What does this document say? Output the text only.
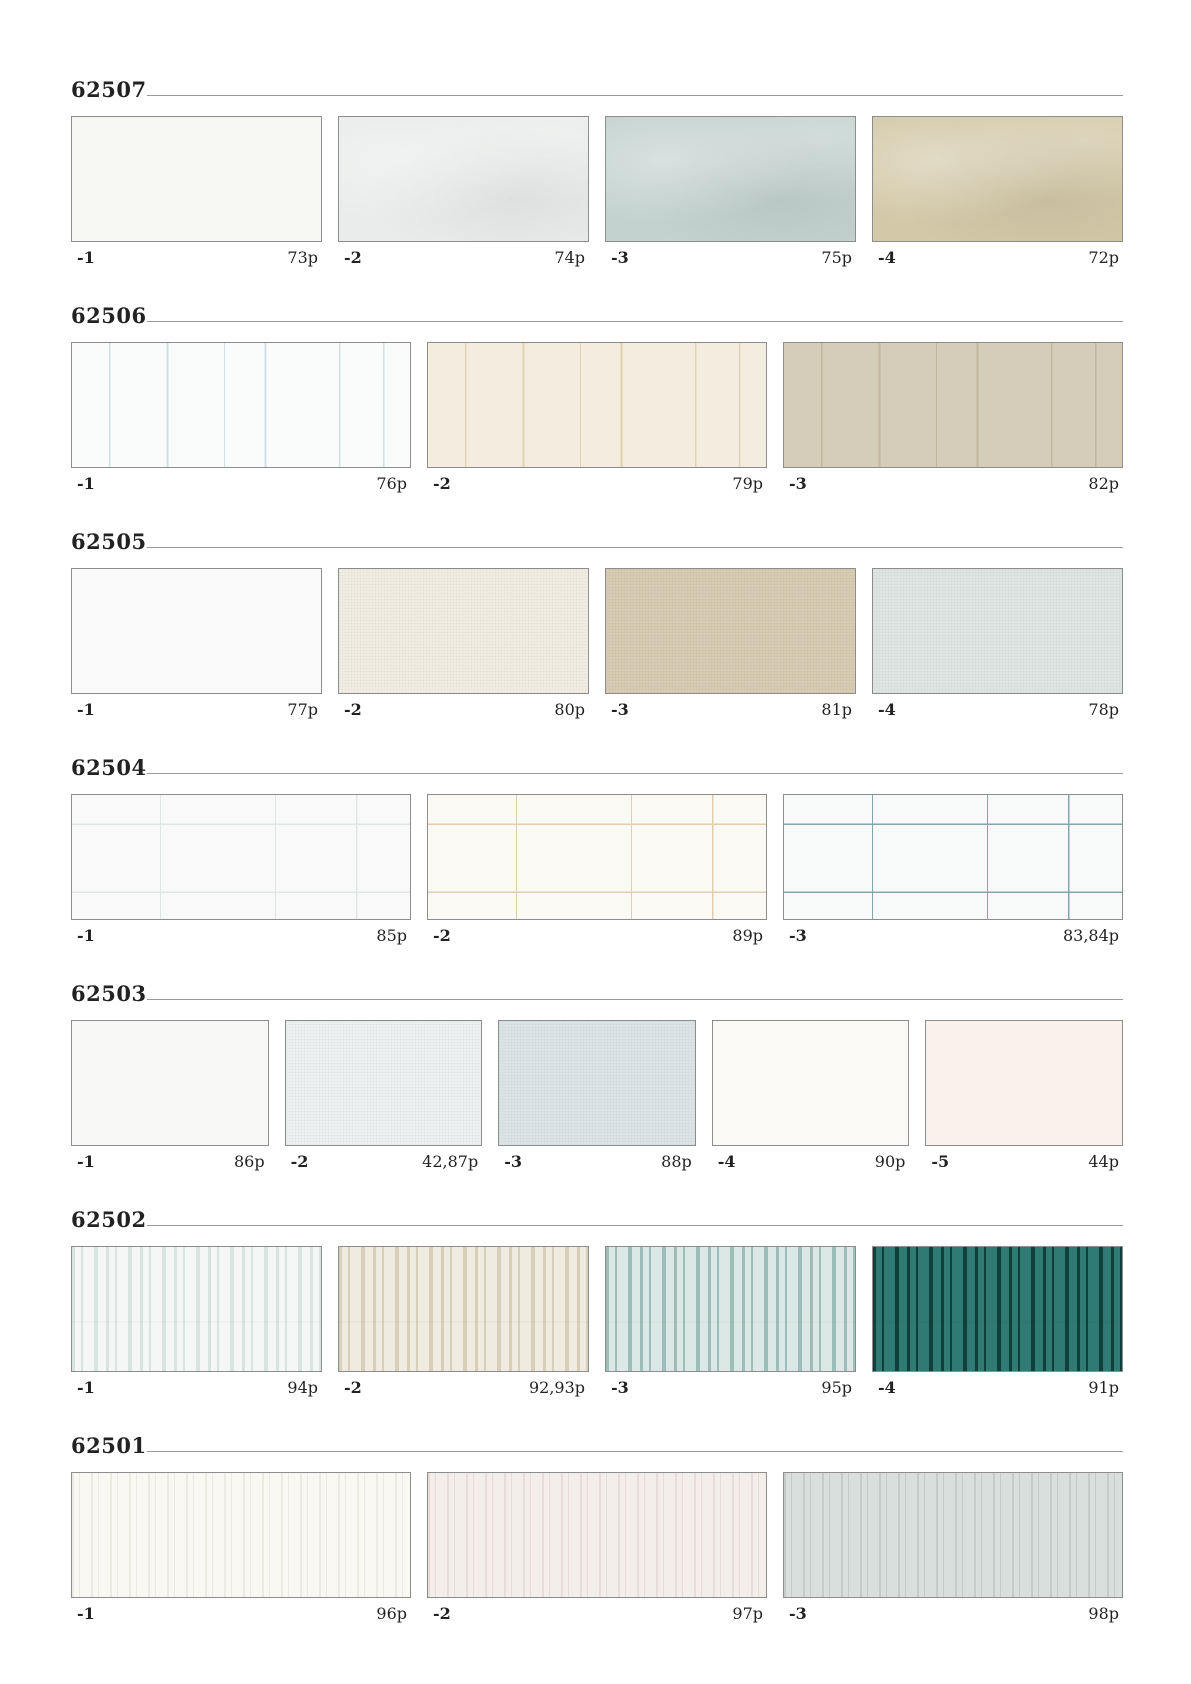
62507
-1	73p -2	74p -3	75p -4	72p
62506
-1	76p -2	79p -3	82p
62505
-1	77p -2	80p -3	81p -4	78p
62504
-1	85p -2	89p -3	83,84p
62503
-1	86p -2	42,87p -3	88p -4	90p -5	44p
62502
-1	94p -2	92,93p -3	95p -4	91p
62501
-1	96p -2	97p -3	98p
